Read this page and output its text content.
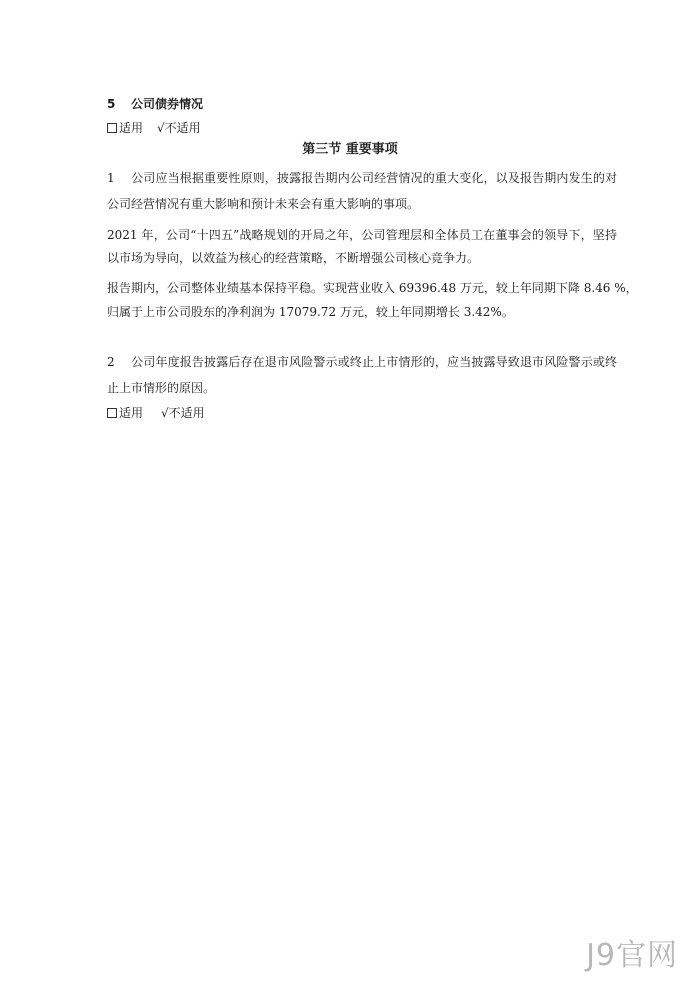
5 公司债券情况
适用 √不适用
第三节 重要事项
1 公司应当根据重要性原则，披露报告期内公司经营情况的重大变化，以及报告期内发生的对
公司经营情况有重大影响和预计未来会有重大影响的事项。
2021 年，公司“十四五”战略规划的开局之年，公司管理层和全体员工在董事会的领导下，坚持
以市场为导向，以效益为核心的经营策略，不断增强公司核心竞争力。
报告期内，公司整体业绩基本保持平稳。实现营业收入 69396.48 万元，较上年同期下降 8.46 %，
归属于上市公司股东的净利润为 17079.72 万元，较上年同期增长 3.42%。
2 公司年度报告披露后存在退市风险警示或终止上市情形的，应当披露导致退市风险警示或终
止上市情形的原因。
适用 √不适用
J9官网
